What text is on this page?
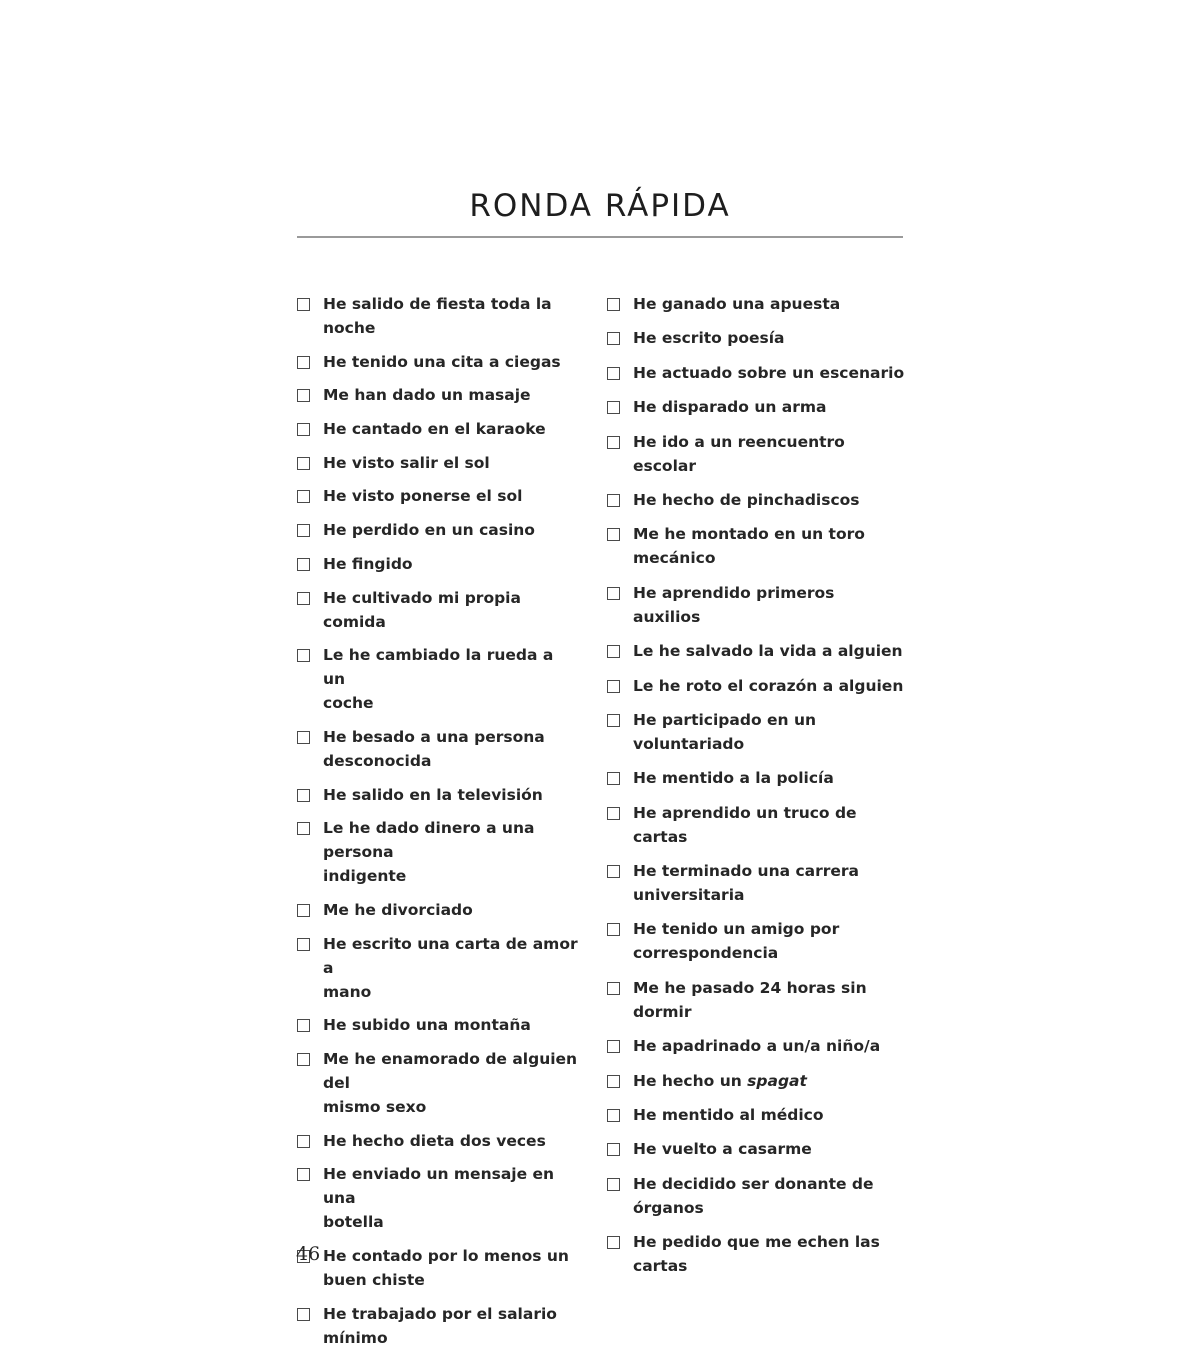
RONDA RÁPIDA
He salido de fiesta toda la noche
He tenido una cita a ciegas
Me han dado un masaje
He cantado en el karaoke
He visto salir el sol
He visto ponerse el sol
He perdido en un casino
He fingido
He cultivado mi propia comida
Le he cambiado la rueda a un
coche
He besado a una persona
desconocida
He salido en la televisión
Le he dado dinero a una persona
indigente
Me he divorciado
He escrito una carta de amor a
mano
He subido una montaña
Me he enamorado de alguien del
mismo sexo
He hecho dieta dos veces
He enviado un mensaje en una
botella
He contado por lo menos un
buen chiste
He trabajado por el salario
mínimo
He ganado una apuesta
He escrito poesía
He actuado sobre un escenario
He disparado un arma
He ido a un reencuentro escolar
He hecho de pinchadiscos
Me he montado en un toro
mecánico
He aprendido primeros auxilios
Le he salvado la vida a alguien
Le he roto el corazón a alguien
He participado en un voluntariado
He mentido a la policía
He aprendido un truco de cartas
He terminado una carrera
universitaria
He tenido un amigo por
correspondencia
Me he pasado 24 horas sin
dormir
He apadrinado a un/a niño/a
He hecho un spagat
He mentido al médico
He vuelto a casarme
He decidido ser donante de
órganos
He pedido que me echen las
cartas
46
